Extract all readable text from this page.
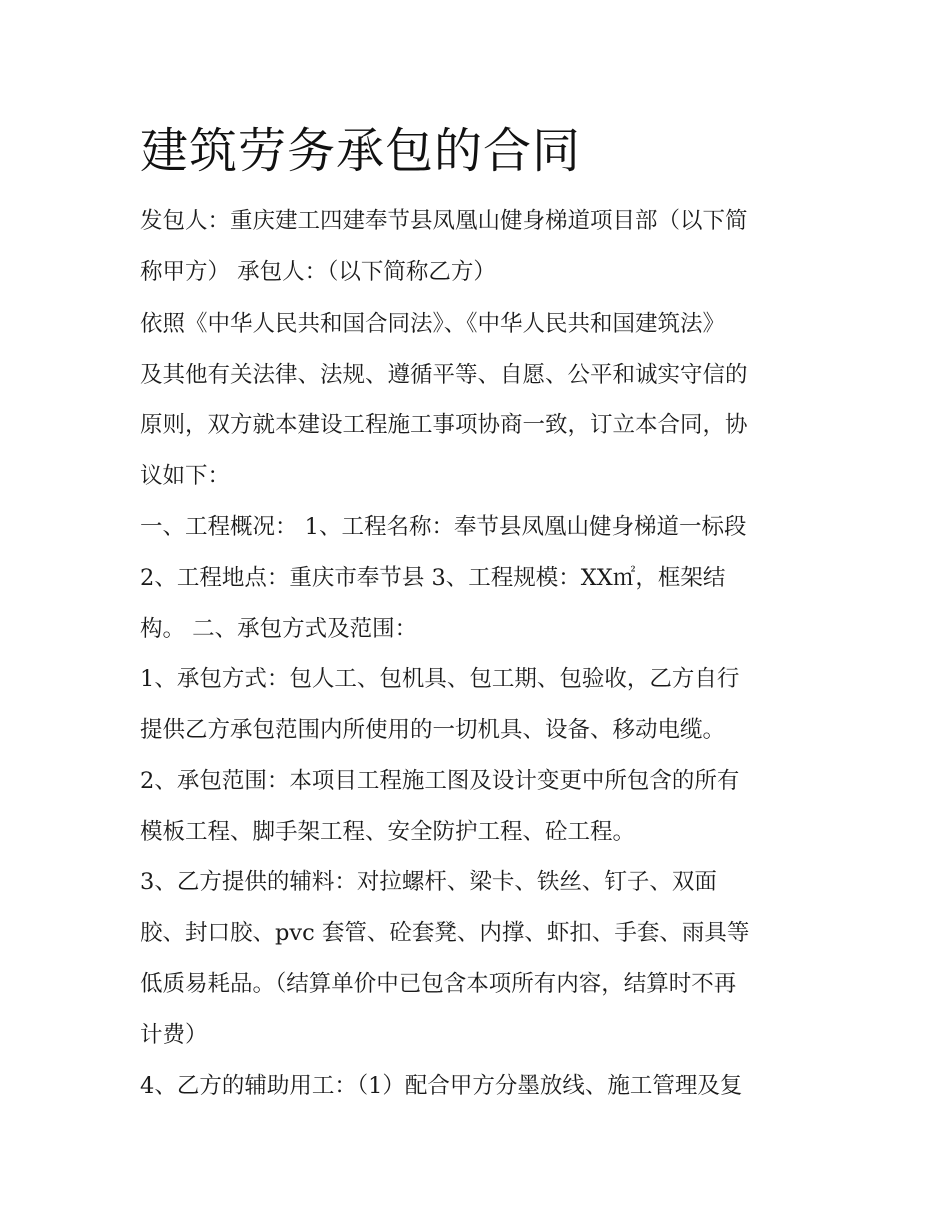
建筑劳务承包的合同

发包人：重庆建工四建奉节县凤凰山健身梯道项目部（以下简

称甲方） 承包人：（以下简称乙方）

依照《中华人民共和国合同法》、《中华人民共和国建筑法》

及其他有关法律、法规、遵循平等、自愿、公平和诚实守信的

原则，双方就本建设工程施工事项协商一致，订立本合同，协

议如下：

一、工程概况： 1、工程名称：奉节县凤凰山健身梯道一标段

2、工程地点：重庆市奉节县 3、工程规模：XX㎡，框架结

构。 二、承包方式及范围：

1、承包方式：包人工、包机具、包工期、包验收，乙方自行

提供乙方承包范围内所使用的一切机具、设备、移动电缆。

2、承包范围：本项目工程施工图及设计变更中所包含的所有

模板工程、脚手架工程、安全防护工程、砼工程。

3、乙方提供的辅料：对拉螺杆、梁卡、铁丝、钉子、双面

胶、封口胶、pvc 套管、砼套凳、内撑、虾扣、手套、雨具等

低质易耗品。（结算单价中已包含本项所有内容，结算时不再

计费）

4、乙方的辅助用工：（1）配合甲方分墨放线、施工管理及复
